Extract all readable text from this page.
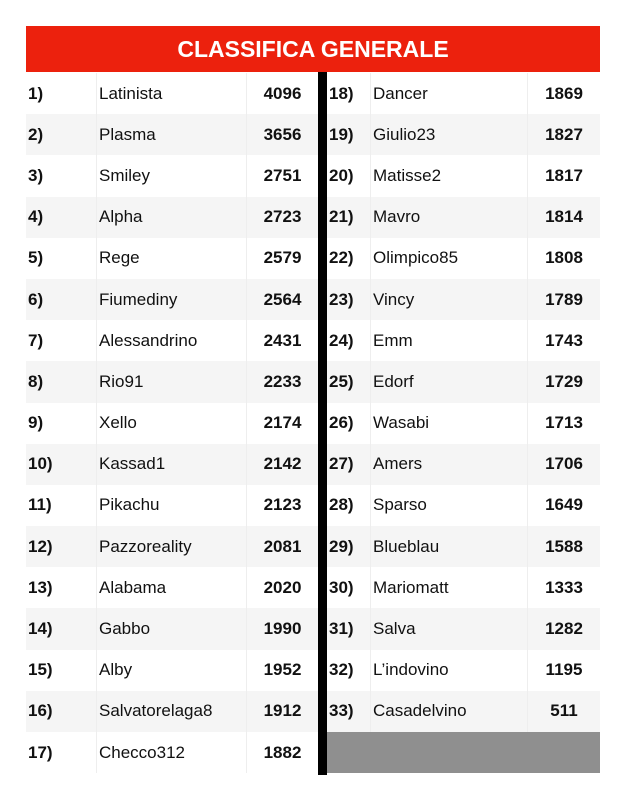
CLASSIFICA GENERALE
1)	Latinista	4096
2)	Plasma	3656
3)	Smiley	2751
4)	Alpha	2723
5)	Rege	2579
6)	Fiumediny	2564
7)	Alessandrino	2431
8)	Rio91	2233
9)	Xello	2174
10)	Kassad1	2142
11)	Pikachu	2123
12)	Pazzoreality	2081
13)	Alabama	2020
14)	Gabbo	1990
15)	Alby	1952
16)	Salvatorelaga8	1912
17)	Checco312	1882
18)	Dancer	1869
19)	Giulio23	1827
20)	Matisse2	1817
21)	Mavro	1814
22)	Olimpico85	1808
23)	Vincy	1789
24)	Emm	1743
25)	Edorf	1729
26)	Wasabi	1713
27)	Amers	1706
28)	Sparso	1649
29)	Blueblau	1588
30)	Mariomatt	1333
31)	Salva	1282
32)	L’indovino	1195
33)	Casadelvino	511
